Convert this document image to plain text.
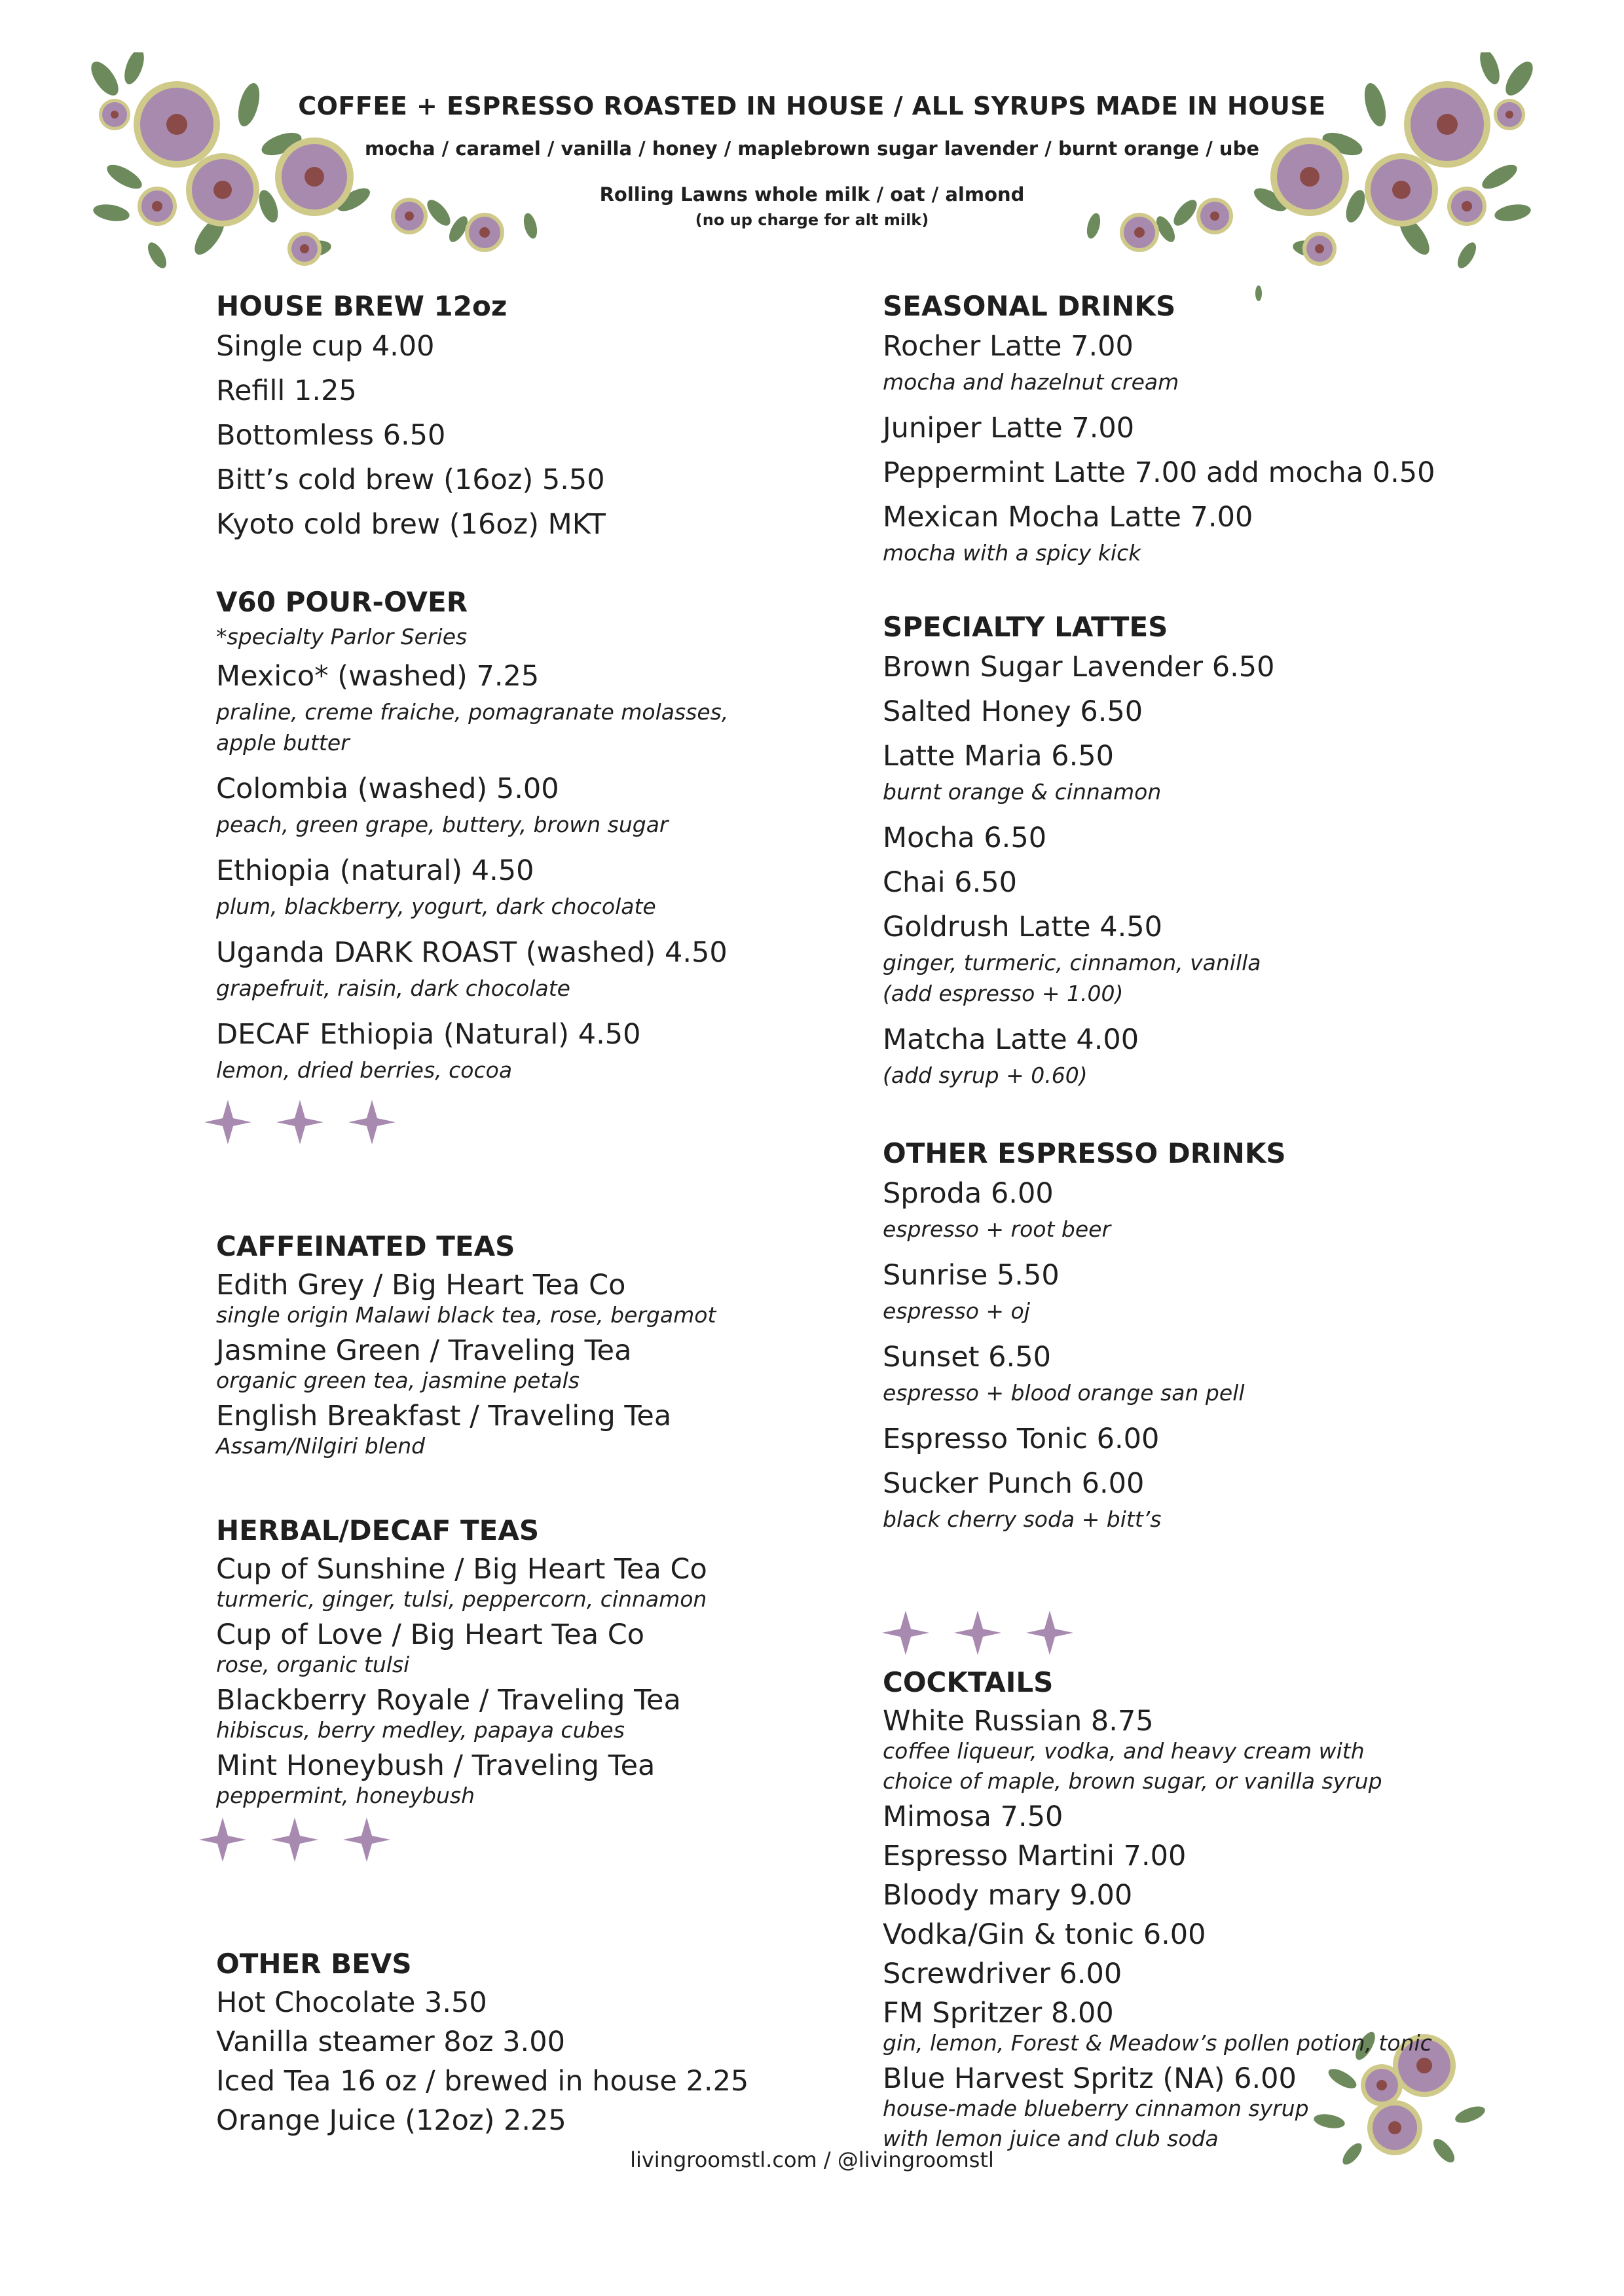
COFFEE + ESPRESSO ROASTED IN HOUSE / ALL SYRUPS MADE IN HOUSE
mocha / caramel / vanilla / honey / maplebrown sugar lavender / burnt orange / ube
Rolling Lawns whole milk / oat / almond
(no up charge for alt milk)
HOUSE BREW 12oz
Single cup 4.00
Refill 1.25
Bottomless 6.50
Bitt’s cold brew (16oz) 5.50
Kyoto cold brew (16oz) MKT
V60 POUR-OVER
*specialty Parlor Series
Mexico* (washed) 7.25
praline, creme fraiche, pomagranate molasses, apple butter
Colombia (washed) 5.00
peach, green grape, buttery, brown sugar
Ethiopia (natural) 4.50
plum, blackberry, yogurt, dark chocolate
Uganda DARK ROAST (washed) 4.50
grapefruit, raisin, dark chocolate
DECAF Ethiopia (Natural) 4.50
lemon, dried berries, cocoa
CAFFEINATED TEAS
Edith Grey / Big Heart Tea Co
single origin Malawi black tea, rose, bergamot
Jasmine Green / Traveling Tea
organic green tea, jasmine petals
English Breakfast / Traveling Tea
Assam/Nilgiri blend
HERBAL/DECAF TEAS
Cup of Sunshine / Big Heart Tea Co
turmeric, ginger, tulsi, peppercorn, cinnamon
Cup of Love / Big Heart Tea Co
rose, organic tulsi
Blackberry Royale / Traveling Tea
hibiscus, berry medley, papaya cubes
Mint Honeybush / Traveling Tea
peppermint, honeybush
OTHER BEVS
Hot Chocolate 3.50
Vanilla steamer 8oz 3.00
Iced Tea 16 oz / brewed in house 2.25
Orange Juice (12oz) 2.25
SEASONAL DRINKS
Rocher Latte 7.00
mocha and hazelnut cream
Juniper Latte 7.00
Peppermint Latte 7.00 add mocha 0.50
Mexican Mocha Latte 7.00
mocha with a spicy kick
SPECIALTY LATTES
Brown Sugar Lavender 6.50
Salted Honey 6.50
Latte Maria 6.50
burnt orange & cinnamon
Mocha 6.50
Chai 6.50
Goldrush Latte 4.50
ginger, turmeric, cinnamon, vanilla
(add espresso + 1.00)
Matcha Latte 4.00
(add syrup + 0.60)
OTHER ESPRESSO DRINKS
Sproda 6.00
espresso + root beer
Sunrise 5.50
espresso + oj
Sunset 6.50
espresso + blood orange san pell
Espresso Tonic 6.00
Sucker Punch 6.00
black cherry soda + bitt’s
COCKTAILS
White Russian 8.75
coffee liqueur, vodka, and heavy cream with
choice of maple, brown sugar, or vanilla syrup
Mimosa 7.50
Espresso Martini 7.00
Bloody mary 9.00
Vodka/Gin & tonic 6.00
Screwdriver 6.00
FM Spritzer 8.00
gin, lemon, Forest & Meadow’s pollen potion, tonic
Blue Harvest Spritz (NA) 6.00
house-made blueberry cinnamon syrup
with lemon juice and club soda
livingroomstl.com / @livingroomstl
